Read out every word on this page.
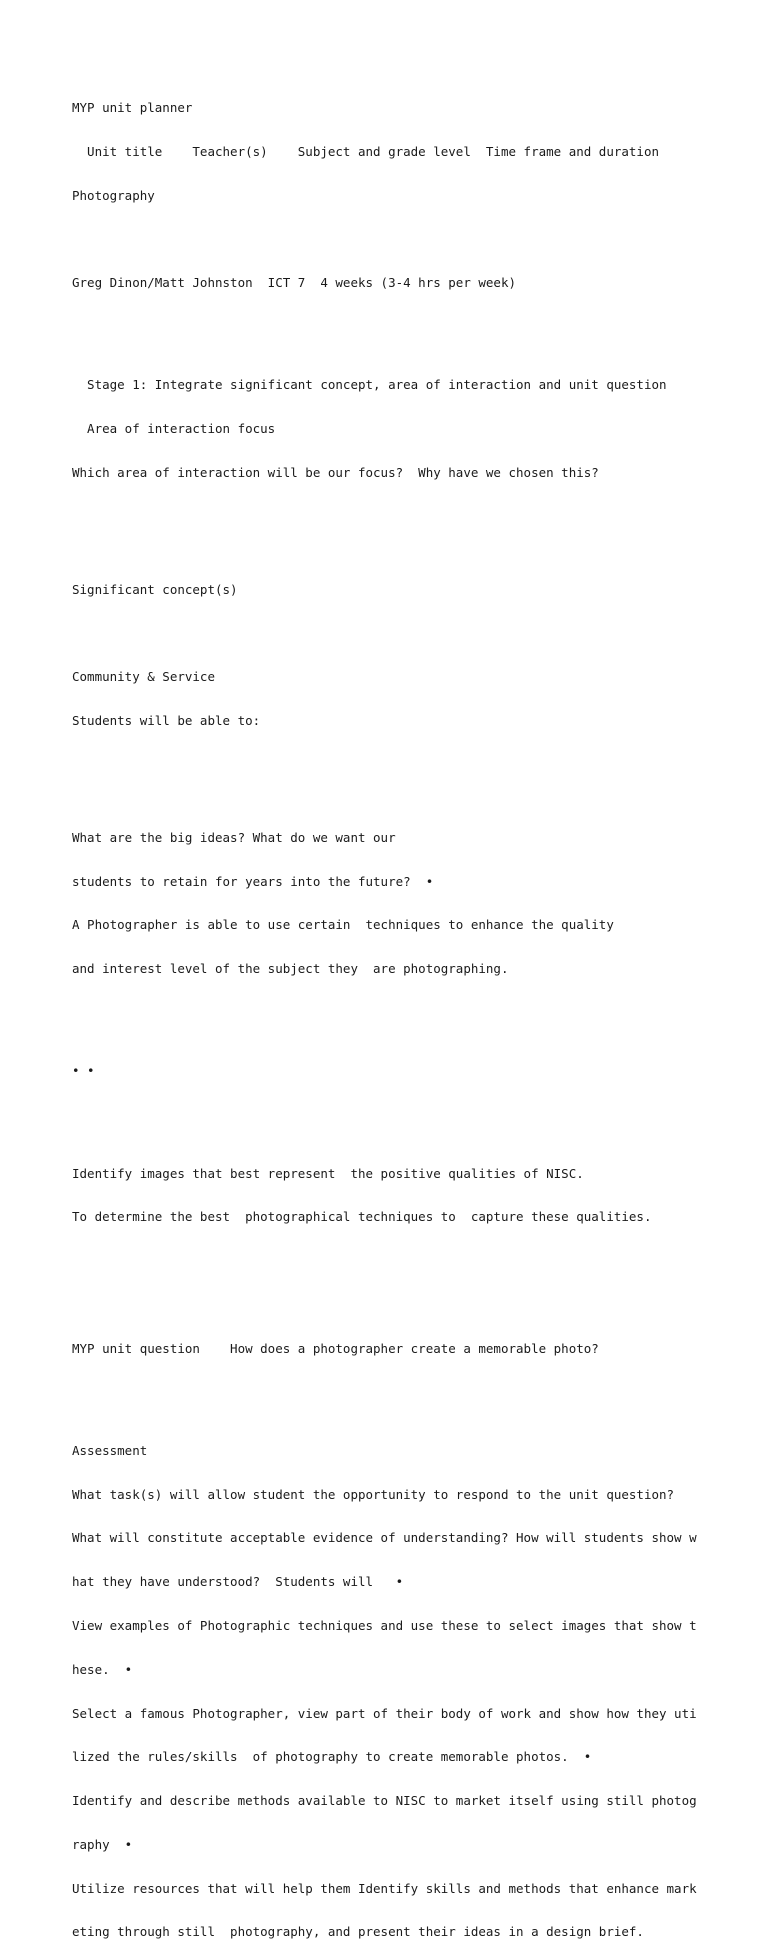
MYP unit planner

Unit title    Teacher(s)    Subject and grade level  Time frame and duration

Photography

Greg Dinon/Matt Johnston  ICT 7  4 weeks (3-4 hrs per week)

Stage 1: Integrate significant concept, area of interaction and unit question

Area of interaction focus

Which area of interaction will be our focus?  Why have we chosen this?

Significant concept(s)

Community & Service

Students will be able to:

What are the big ideas? What do we want our

students to retain for years into the future?  •

A Photographer is able to use certain  techniques to enhance the quality

and interest level of the subject they  are photographing.

• •

Identify images that best represent  the positive qualities of NISC.

To determine the best  photographical techniques to  capture these qualities.

MYP unit question    How does a photographer create a memorable photo?

Assessment

What task(s) will allow student the opportunity to respond to the unit question?

What will constitute acceptable evidence of understanding? How will students show w

hat they have understood?  Students will   •

View examples of Photographic techniques and use these to select images that show t

hese.  •

Select a famous Photographer, view part of their body of work and show how they uti

lized the rules/skills  of photography to create memorable photos.  •

Identify and describe methods available to NISC to market itself using still photog

raphy  •

Utilize resources that will help them Identify skills and methods that enhance mark

eting through still  photography, and present their ideas in a design brief.
